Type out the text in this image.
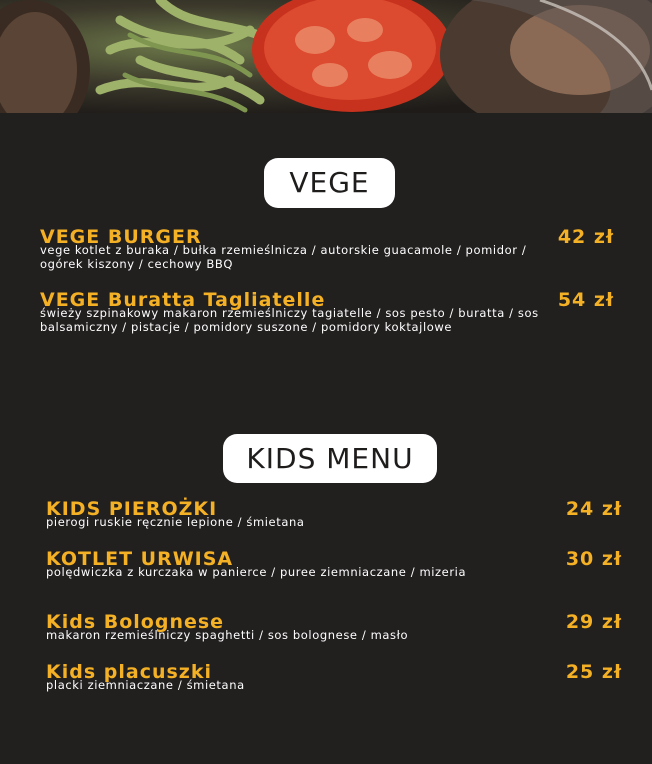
VEGE
VEGE BURGER	42 zł
vege kotlet z buraka / bułka rzemieślnicza / autorskie guacamole / pomidor / ogórek kiszony / cechowy BBQ
VEGE Buratta Tagliatelle	54 zł
świeży szpinakowy makaron rzemieślniczy tagiatelle / sos pesto / buratta / sos balsamiczny / pistacje / pomidory suszone / pomidory koktajlowe
KIDS MENU
KIDS PIEROŻKI	24 zł
pierogi ruskie ręcznie lepione / śmietana
KOTLET URWISA	30 zł
polędwiczka z kurczaka w panierce / puree ziemniaczane / mizeria
Kids Bolognese	29 zł
makaron rzemieślniczy spaghetti / sos bolognese / masło
Kids placuszki	25 zł
placki ziemniaczane / śmietana
